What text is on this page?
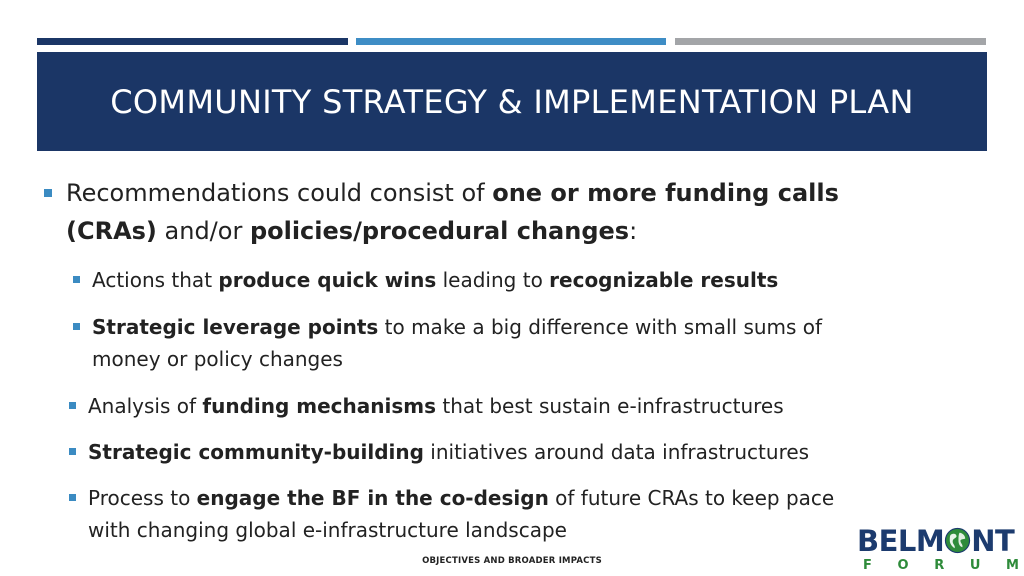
COMMUNITY STRATEGY & IMPLEMENTATION PLAN
Recommendations could consist of one or more funding calls
(CRAs) and/or policies/procedural changes:
Actions that produce quick wins leading to recognizable results
Strategic leverage points to make a big difference with small sums of
money or policy changes
Analysis of funding mechanisms that best sustain e-infrastructures
Strategic community-building initiatives around data infrastructures
Process to engage the BF in the co-design of future CRAs to keep pace
with changing global e-infrastructure landscape
OBJECTIVES AND BROADER IMPACTS
BELM NT
F O R U M
